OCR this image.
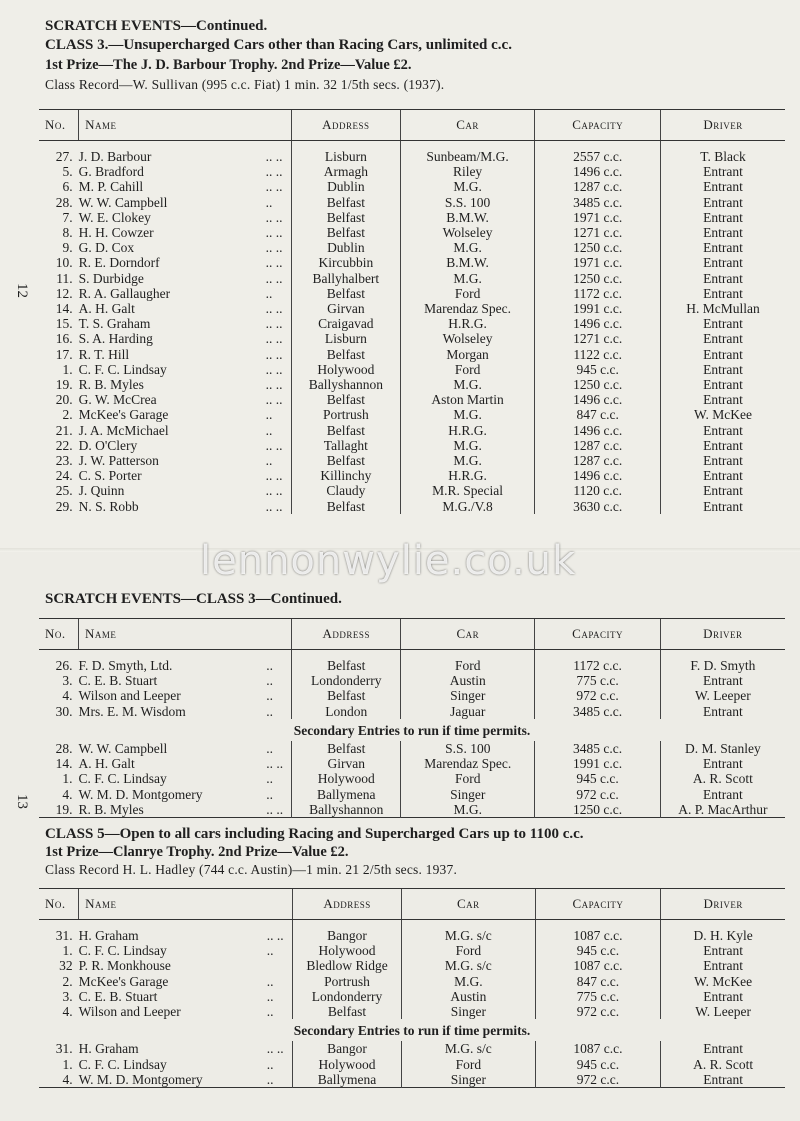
12
SCRATCH EVENTS—Continued.
CLASS 3.—Unsupercharged Cars other than Racing Cars, unlimited c.c.
1st Prize—The J. D. Barbour Trophy. 2nd Prize—Value £2.
Class Record—W. Sullivan (995 c.c. Fiat) 1 min. 32 1/5th secs. (1937).
No.	Name		Address	Car	Capacity	Driver

27.	J. D. Barbour	.. ..	Lisburn	Sunbeam/M.G.	2557 c.c.	T. Black
5.	G. Bradford	.. ..	Armagh	Riley	1496 c.c.	Entrant
6.	M. P. Cahill	.. ..	Dublin	M.G.	1287 c.c.	Entrant
28.	W. W. Campbell	..	Belfast	S.S. 100	3485 c.c.	Entrant
7.	W. E. Clokey	.. ..	Belfast	B.M.W.	1971 c.c.	Entrant
8.	H. H. Cowzer	.. ..	Belfast	Wolseley	1271 c.c.	Entrant
9.	G. D. Cox	.. ..	Dublin	M.G.	1250 c.c.	Entrant
10.	R. E. Dorndorf	.. ..	Kircubbin	B.M.W.	1971 c.c.	Entrant
11.	S. Durbidge	.. ..	Ballyhalbert	M.G.	1250 c.c.	Entrant
12.	R. A. Gallaugher	..	Belfast	Ford	1172 c.c.	Entrant
14.	A. H. Galt	.. ..	Girvan	Marendaz Spec.	1991 c.c.	H. McMullan
15.	T. S. Graham	.. ..	Craigavad	H.R.G.	1496 c.c.	Entrant
16.	S. A. Harding	.. ..	Lisburn	Wolseley	1271 c.c.	Entrant
17.	R. T. Hill	.. ..	Belfast	Morgan	1122 c.c.	Entrant
1.	C. F. C. Lindsay	.. ..	Holywood	Ford	945 c.c.	Entrant
19.	R. B. Myles	.. ..	Ballyshannon	M.G.	1250 c.c.	Entrant
20.	G. W. McCrea	.. ..	Belfast	Aston Martin	1496 c.c.	Entrant
2.	McKee's Garage	..	Portrush	M.G.	847 c.c.	W. McKee
21.	J. A. McMichael	..	Belfast	H.R.G.	1496 c.c.	Entrant
22.	D. O'Clery	.. ..	Tallaght	M.G.	1287 c.c.	Entrant
23.	J. W. Patterson	..	Belfast	M.G.	1287 c.c.	Entrant
24.	C. S. Porter	.. ..	Killinchy	H.R.G.	1496 c.c.	Entrant
25.	J. Quinn	.. ..	Claudy	M.R. Special	1120 c.c.	Entrant
29.	N. S. Robb	.. ..	Belfast	M.G./V.8	3630 c.c.	Entrant
13
SCRATCH EVENTS—CLASS 3—Continued.
No.	Name		Address	Car	Capacity	Driver

26.	F. D. Smyth, Ltd.	..	Belfast	Ford	1172 c.c.	F. D. Smyth
3.	C. E. B. Stuart	..	Londonderry	Austin	775 c.c.	Entrant
4.	Wilson and Leeper	..	Belfast	Singer	972 c.c.	W. Leeper
30.	Mrs. E. M. Wisdom	..	London	Jaguar	3485 c.c.	Entrant
Secondary Entries to run if time permits.						
28.	W. W. Campbell	..	Belfast	S.S. 100	3485 c.c.	D. M. Stanley
14.	A. H. Galt	.. ..	Girvan	Marendaz Spec.	1991 c.c.	Entrant
1.	C. F. C. Lindsay	..	Holywood	Ford	945 c.c.	A. R. Scott
4.	W. M. D. Montgomery	..	Ballymena	Singer	972 c.c.	Entrant
19.	R. B. Myles	.. ..	Ballyshannon	M.G.	1250 c.c.	A. P. MacArthur
CLASS 5—Open to all cars including Racing and Supercharged Cars up to 1100 c.c.
1st Prize—Clanrye Trophy. 2nd Prize—Value £2.
Class Record H. L. Hadley (744 c.c. Austin)—1 min. 21 2/5th secs. 1937.
No.	Name		Address	Car	Capacity	Driver

31.	H. Graham	.. ..	Bangor	M.G. s/c	1087 c.c.	D. H. Kyle
1.	C. F. C. Lindsay	..	Holywood	Ford	945 c.c.	Entrant
32	P. R. Monkhouse		Bledlow Ridge	M.G. s/c	1087 c.c.	Entrant
2.	McKee's Garage	..	Portrush	M.G.	847 c.c.	W. McKee
3.	C. E. B. Stuart	..	Londonderry	Austin	775 c.c.	Entrant
4.	Wilson and Leeper	..	Belfast	Singer	972 c.c.	W. Leeper
Secondary Entries to run if time permits.						
31.	H. Graham	.. ..	Bangor	M.G. s/c	1087 c.c.	Entrant
1.	C. F. C. Lindsay	..	Holywood	Ford	945 c.c.	A. R. Scott
4.	W. M. D. Montgomery	..	Ballymena	Singer	972 c.c.	Entrant
lennonwylie.co.uk
